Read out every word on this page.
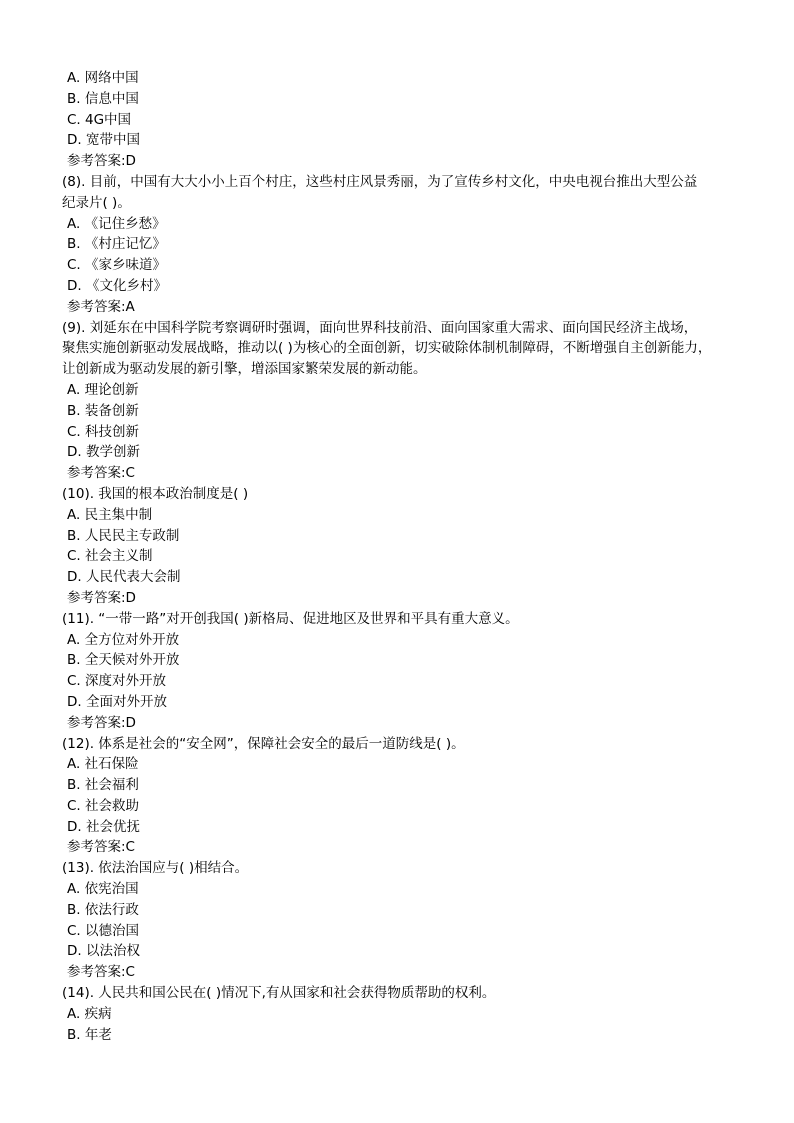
A. 网络中国
B. 信息中国
C. 4G中国
D. 宽带中国
参考答案:D
(8). 目前，中国有大大小小上百个村庄，这些村庄风景秀丽，为了宣传乡村文化，中央电视台推出大型公益
纪录片( )。
A. 《记住乡愁》
B. 《村庄记忆》
C. 《家乡味道》
D. 《文化乡村》
参考答案:A
(9). 刘延东在中国科学院考察调研时强调，面向世界科技前沿、面向国家重大需求、面向国民经济主战场，
聚焦实施创新驱动发展战略，推动以( )为核心的全面创新，切实破除体制机制障碍，不断增强自主创新能力，
让创新成为驱动发展的新引擎，增添国家繁荣发展的新动能。
A. 理论创新
B. 装备创新
C. 科技创新
D. 教学创新
参考答案:C
(10). 我国的根本政治制度是( )
A. 民主集中制
B. 人民民主专政制
C. 社会主义制
D. 人民代表大会制
参考答案:D
(11). “一带一路”对开创我国( )新格局、促进地区及世界和平具有重大意义。
A. 全方位对外开放
B. 全天候对外开放
C. 深度对外开放
D. 全面对外开放
参考答案:D
(12). 体系是社会的“安全网”，保障社会安全的最后一道防线是( )。
A. 社石保险
B. 社会福利
C. 社会救助
D. 社会优抚
参考答案:C
(13). 依法治国应与( )相结合。
A. 依宪治国
B. 依法行政
C. 以德治国
D. 以法治权
参考答案:C
(14). 人民共和国公民在( )情况下,有从国家和社会获得物质帮助的权利。
A. 疾病
B. 年老
